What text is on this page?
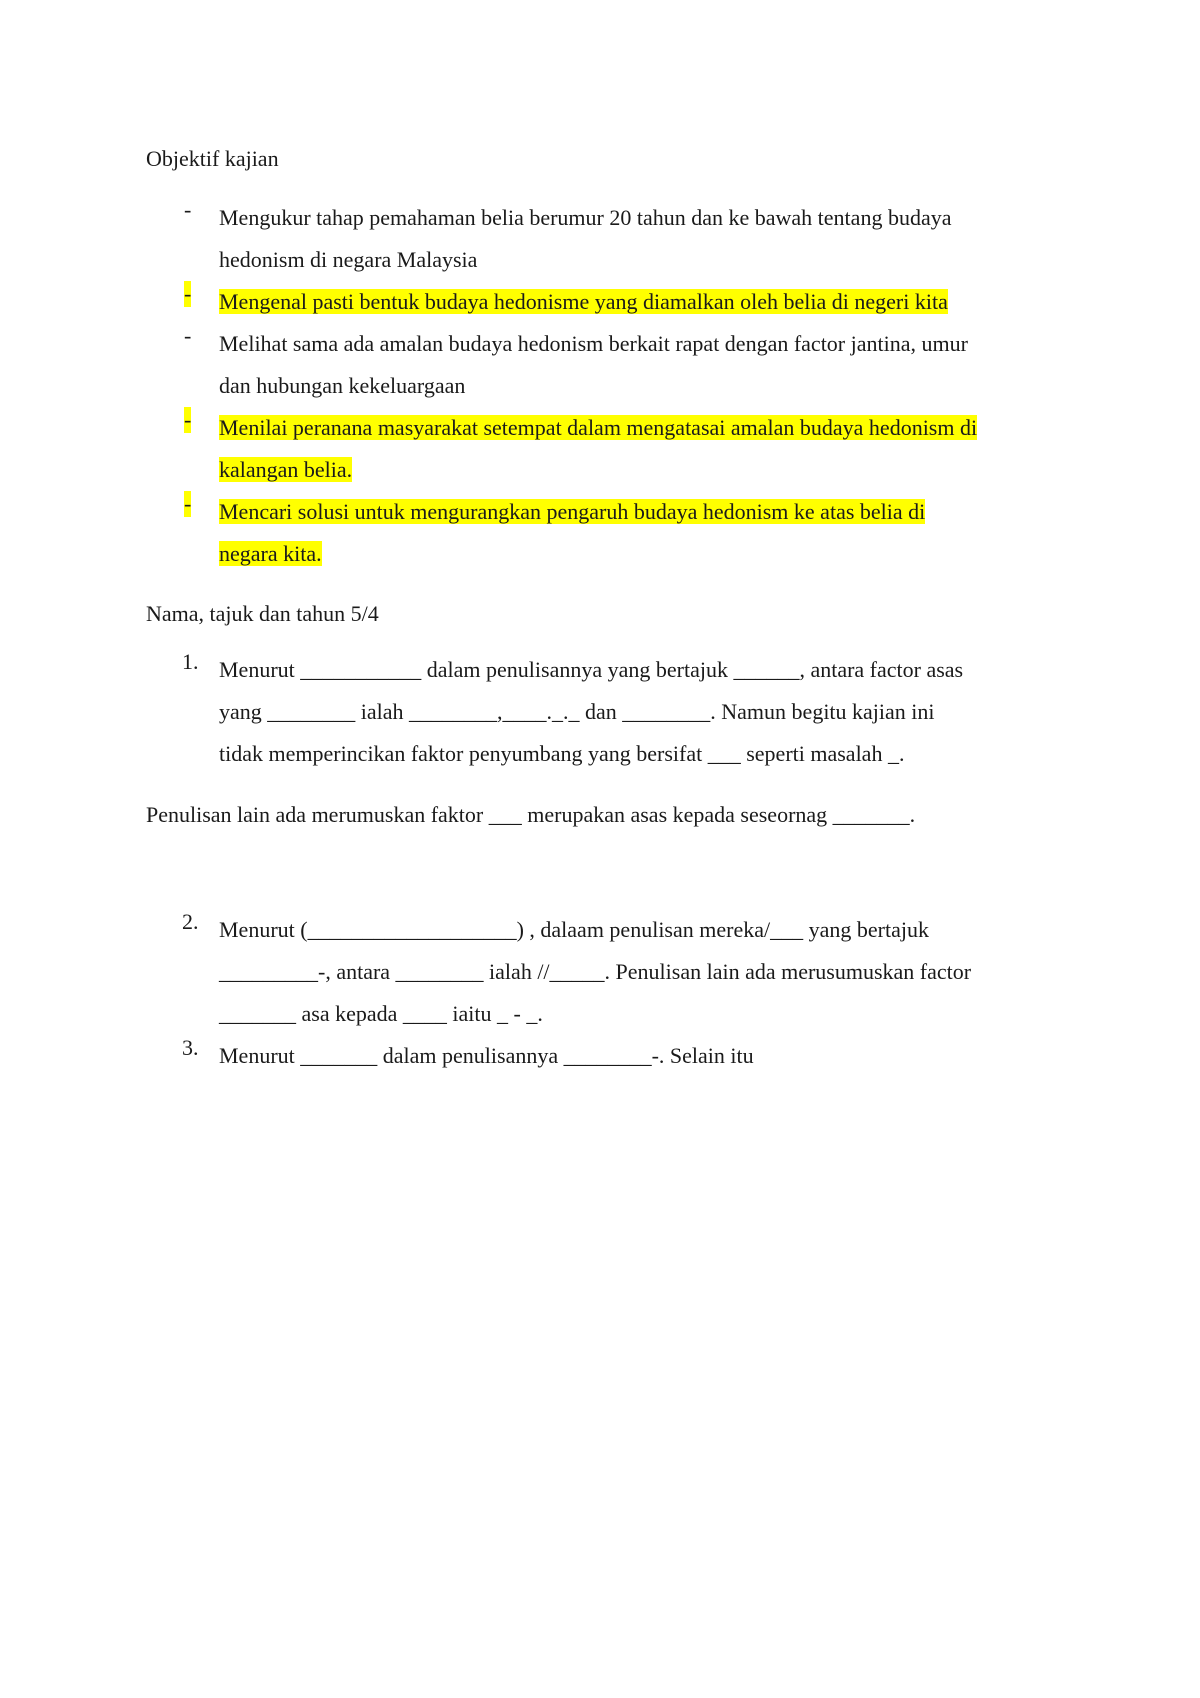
Objektif kajian
- Mengukur tahap pemahaman belia berumur 20 tahun dan ke bawah tentang budaya
hedonism di negara Malaysia
- Mengenal pasti bentuk budaya hedonisme yang diamalkan oleh belia di negeri kita
- Melihat sama ada amalan budaya hedonism berkait rapat dengan factor jantina, umur
dan hubungan kekeluargaan
- Menilai peranana masyarakat setempat dalam mengatasai amalan budaya hedonism di
kalangan belia.
- Mencari solusi untuk mengurangkan pengaruh budaya hedonism ke atas belia di
negara kita.
Nama, tajuk dan tahun 5/4
1. Menurut ___________ dalam penulisannya yang bertajuk ______, antara factor asas
yang ________ ialah ________,____._._ dan ________. Namun begitu kajian ini
tidak memperincikan faktor penyumbang yang bersifat ___ seperti masalah _.
Penulisan lain ada merumuskan faktor ___ merupakan asas kepada seseornag _______.
2. Menurut (___________________) , dalaam penulisan mereka/___ yang bertajuk
_________-, antara ________ ialah //_____. Penulisan lain ada merusumuskan factor
_______ asa kepada ____ iaitu _ - _.
3. Menurut _______ dalam penulisannya ________-. Selain itu
